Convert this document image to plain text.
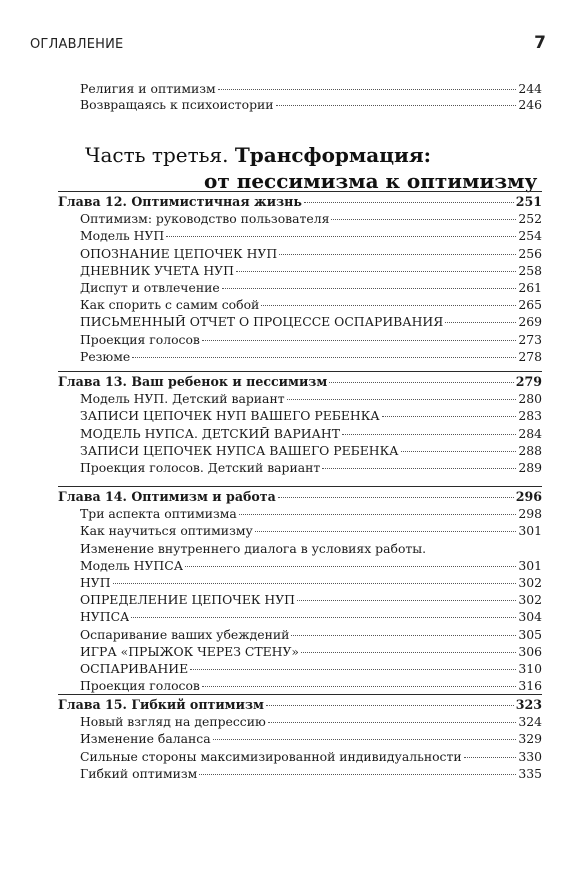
ОГЛАВЛЕНИЕ	7
Религия и оптимизм	244
Возвращаясь к психоистории	246
Часть третья. Трансформация:
от пессимизма к оптимизму
Глава 12. Оптимистичная жизнь	251
Оптимизм: руководство пользователя	252
Модель НУП	254
ОПОЗНАНИЕ ЦЕПОЧЕК НУП	256
ДНЕВНИК УЧЕТА НУП	258
Диспут и отвлечение	261
Как спорить с самим собой	265
ПИСЬМЕННЫЙ ОТЧЕТ О ПРОЦЕССЕ ОСПАРИВАНИЯ	269
Проекция голосов	273
Резюме	278
Глава 13. Ваш ребенок и пессимизм	279
Модель НУП. Детский вариант	280
ЗАПИСИ ЦЕПОЧЕК НУП ВАШЕГО РЕБЕНКА	283
МОДЕЛЬ НУПСА. ДЕТСКИЙ ВАРИАНТ	284
ЗАПИСИ ЦЕПОЧЕК НУПСА ВАШЕГО РЕБЕНКА	288
Проекция голосов. Детский вариант	289
Глава 14. Оптимизм и работа	296
Три аспекта оптимизма	298
Как научиться оптимизму	301
Изменение внутреннего диалога в условиях работы.
Модель НУПСА	301
НУП	302
ОПРЕДЕЛЕНИЕ ЦЕПОЧЕК НУП	302
НУПСА	304
Оспаривание ваших убеждений	305
ИГРА «ПРЫЖОК ЧЕРЕЗ СТЕНУ»	306
ОСПАРИВАНИЕ	310
Проекция голосов	316
Глава 15. Гибкий оптимизм	323
Новый взгляд на депрессию	324
Изменение баланса	329
Сильные стороны максимизированной индивидуальности	330
Гибкий оптимизм	335
